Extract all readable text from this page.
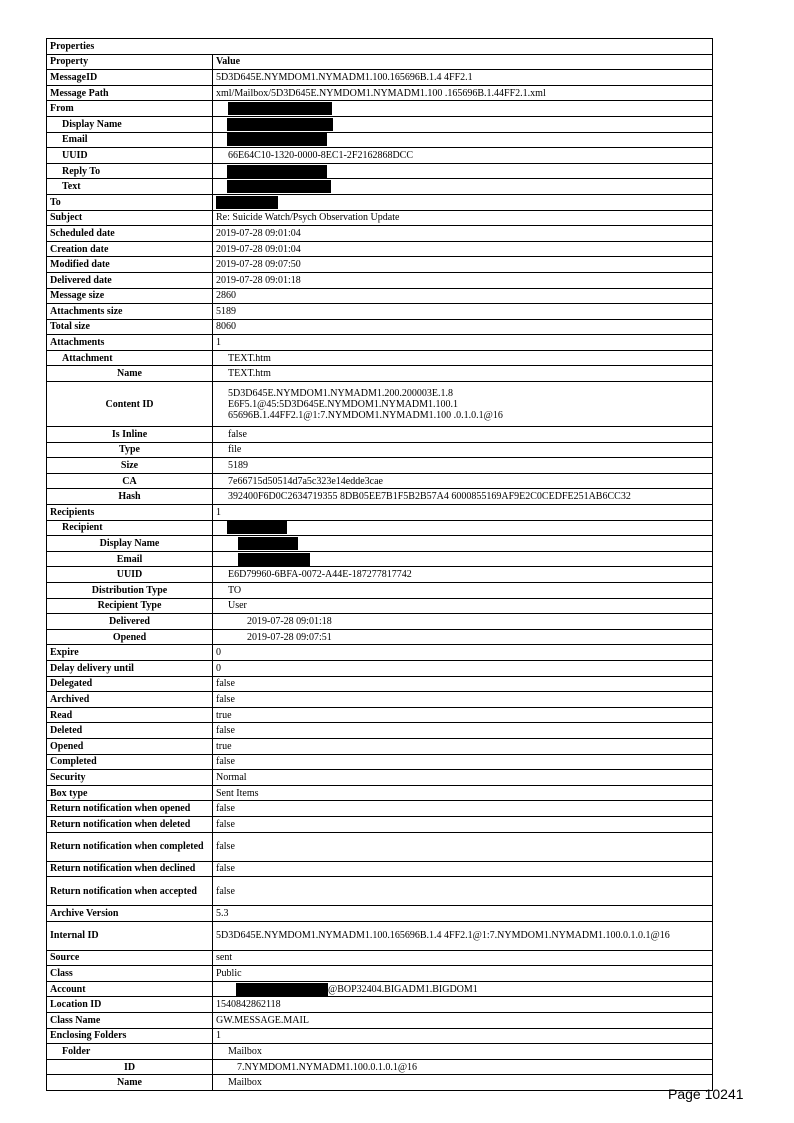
Properties	
Property	Value
MessageID	5D3D645E.NYMDOM1.NYMADM1.100.165696B.1.4 4FF2.1
Message Path	xml/Mailbox/5D3D645E.NYMDOM1.NYMADM1.100 .165696B.1.44FF2.1.xml
From	
Display Name	
Email	
UUID	66E64C10-1320-0000-8EC1-2F2162868DCC
Reply To	
Text	
To	
Subject	Re: Suicide Watch/Psych Observation Update
Scheduled date	2019-07-28 09:01:04
Creation date	2019-07-28 09:01:04
Modified date	2019-07-28 09:07:50
Delivered date	2019-07-28 09:01:18
Message size	2860
Attachments size	5189
Total size	8060
Attachments	1
Attachment	TEXT.htm
Name	TEXT.htm
Content ID	5D3D645E.NYMDOM1.NYMADM1.200.200003E.1.8
E6F5.1@45:5D3D645E.NYMDOM1.NYMADM1.100.1
65696B.1.44FF2.1@1:7.NYMDOM1.NYMADM1.100 .0.1.0.1@16

Is Inline	false
Type	file
Size	5189
CA	7e66715d50514d7a5c323e14edde3cae
Hash	392400F6D0C2634719355 8DB05EE7B1F5B2B57A4 6000855169AF9E2C0CEDFE251AB6CC32
Recipients	1
Recipient	
Display Name	
Email	
UUID	E6D79960-6BFA-0072-A44E-187277817742
Distribution Type	TO
Recipient Type	User
Delivered	2019-07-28 09:01:18
Opened	2019-07-28 09:07:51
Expire	0
Delay delivery until	0
Delegated	false
Archived	false
Read	true
Deleted	false
Opened	true
Completed	false
Security	Normal
Box type	Sent Items
Return notification when opened	false
Return notification when deleted	false
Return notification when completed	false
Return notification when declined	false
Return notification when accepted	false
Archive Version	5.3
Internal ID	5D3D645E.NYMDOM1.NYMADM1.100.165696B.1.4 4FF2.1@1:7.NYMDOM1.NYMADM1.100.0.1.0.1@16
Source	sent
Class	Public
Account	@BOP32404.BIGADM1.BIGDOM1
Location ID	1540842862118
Class Name	GW.MESSAGE.MAIL
Enclosing Folders	1
Folder	Mailbox
ID	7.NYMDOM1.NYMADM1.100.0.1.0.1@16
Name	Mailbox
Page 10241
